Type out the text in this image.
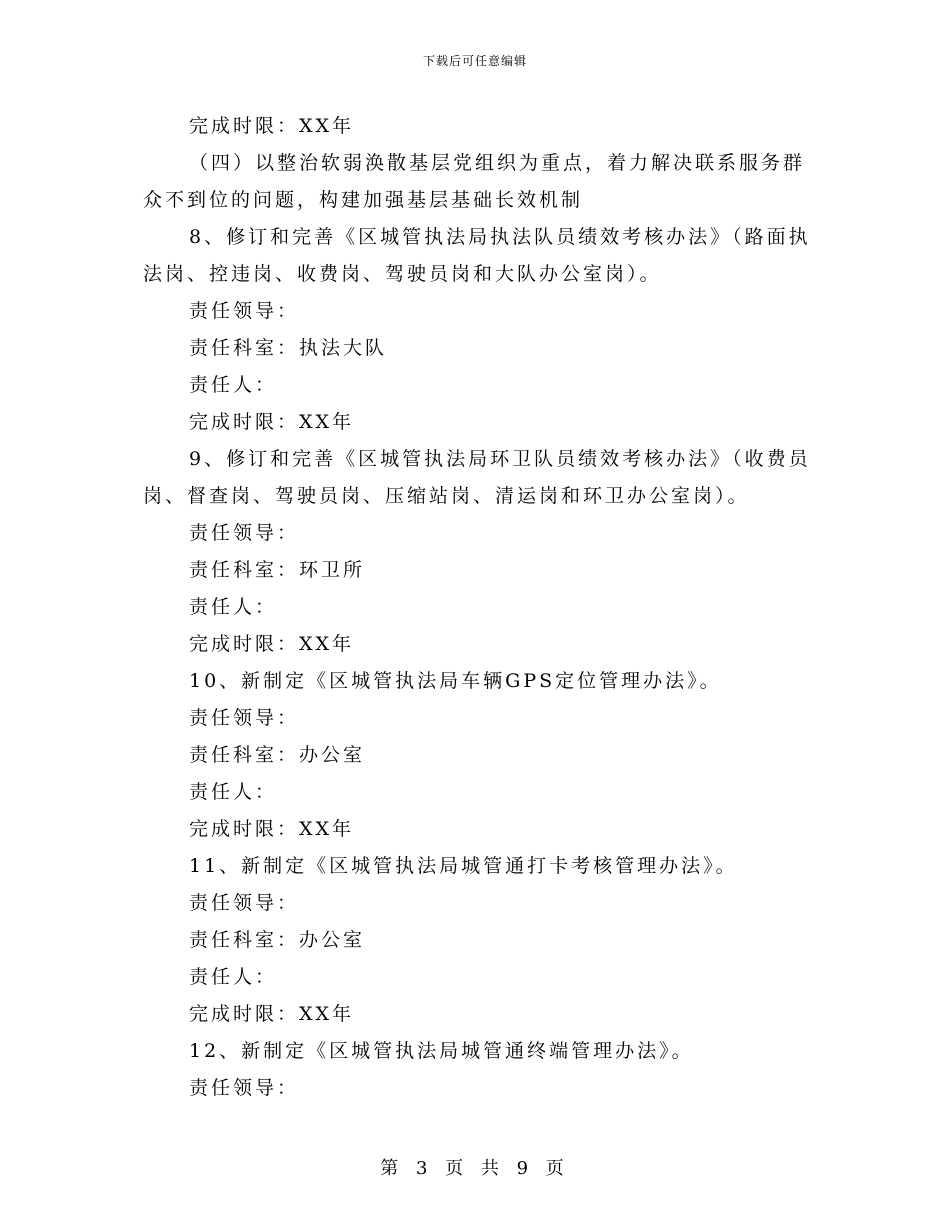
下载后可任意编辑
完成时限：XX年
（四）以整治软弱涣散基层党组织为重点，着力解决联系服务群
众不到位的问题，构建加强基层基础长效机制
8、修订和完善《区城管执法局执法队员绩效考核办法》（路面执
法岗、控违岗、收费岗、驾驶员岗和大队办公室岗）。
责任领导：
责任科室：执法大队
责任人：
完成时限：XX年
9、修订和完善《区城管执法局环卫队员绩效考核办法》（收费员
岗、督查岗、驾驶员岗、压缩站岗、清运岗和环卫办公室岗）。
责任领导：
责任科室：环卫所
责任人：
完成时限：XX年
10、新制定《区城管执法局车辆GPS定位管理办法》。
责任领导：
责任科室：办公室
责任人：
完成时限：XX年
11、新制定《区城管执法局城管通打卡考核管理办法》。
责任领导：
责任科室：办公室
责任人：
完成时限：XX年
12、新制定《区城管执法局城管通终端管理办法》。
责任领导：
第 3 页 共 9 页
